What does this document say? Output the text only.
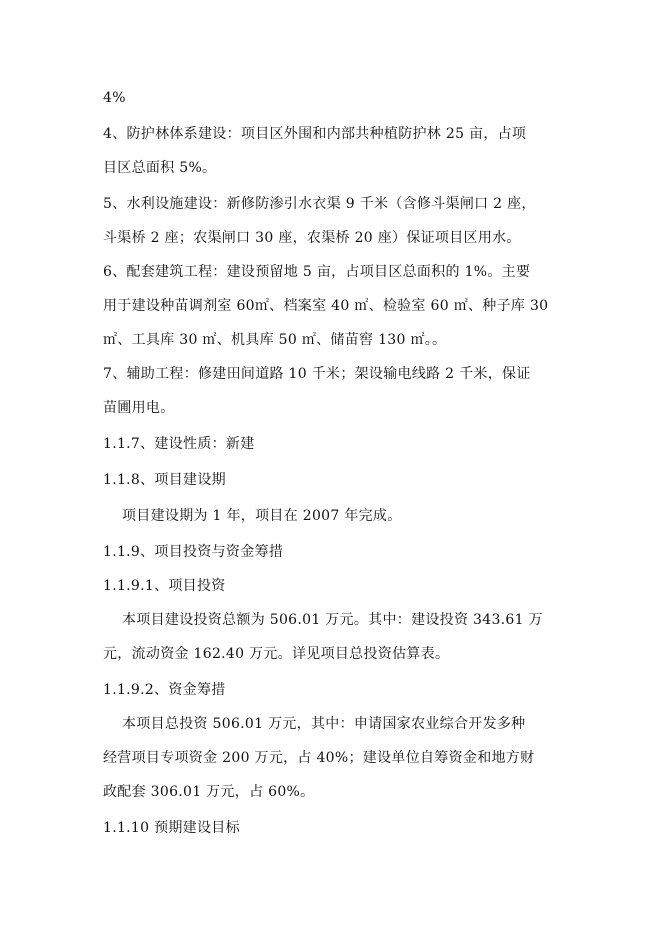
4%
4、防护林体系建设：项目区外围和内部共种植防护林 25 亩，占项
目区总面积 5%。
5、水利设施建设：新修防渗引水衣渠 9 千米（含修斗渠闸口 2 座，
斗渠桥 2 座；农渠闸口 30 座，农渠桥 20 座）保证项目区用水。
6、配套建筑工程：建设预留地 5 亩，占项目区总面积的 1%。主要
用于建设种苗调剂室 60㎡、档案室 40 ㎡、检验室 60 ㎡、种子库 30
㎡、工具库 30 ㎡、机具库 50 ㎡、储苗窖 130 ㎡。。
7、辅助工程：修建田间道路 10 千米；架设输电线路 2 千米，保证
苗圃用电。
1.1.7、建设性质：新建
1.1.8、项目建设期
项目建设期为 1 年，项目在 2007 年完成。
1.1.9、项目投资与资金筹措
1.1.9.1、项目投资
本项目建设投资总额为 506.01 万元。其中：建设投资 343.61 万
元，流动资金 162.40 万元。详见项目总投资估算表。
1.1.9.2、资金筹措
本项目总投资 506.01 万元，其中：申请国家农业综合开发多种
经营项目专项资金 200 万元，占 40%；建设单位自筹资金和地方财
政配套 306.01 万元，占 60%。
1.1.10 预期建设目标
